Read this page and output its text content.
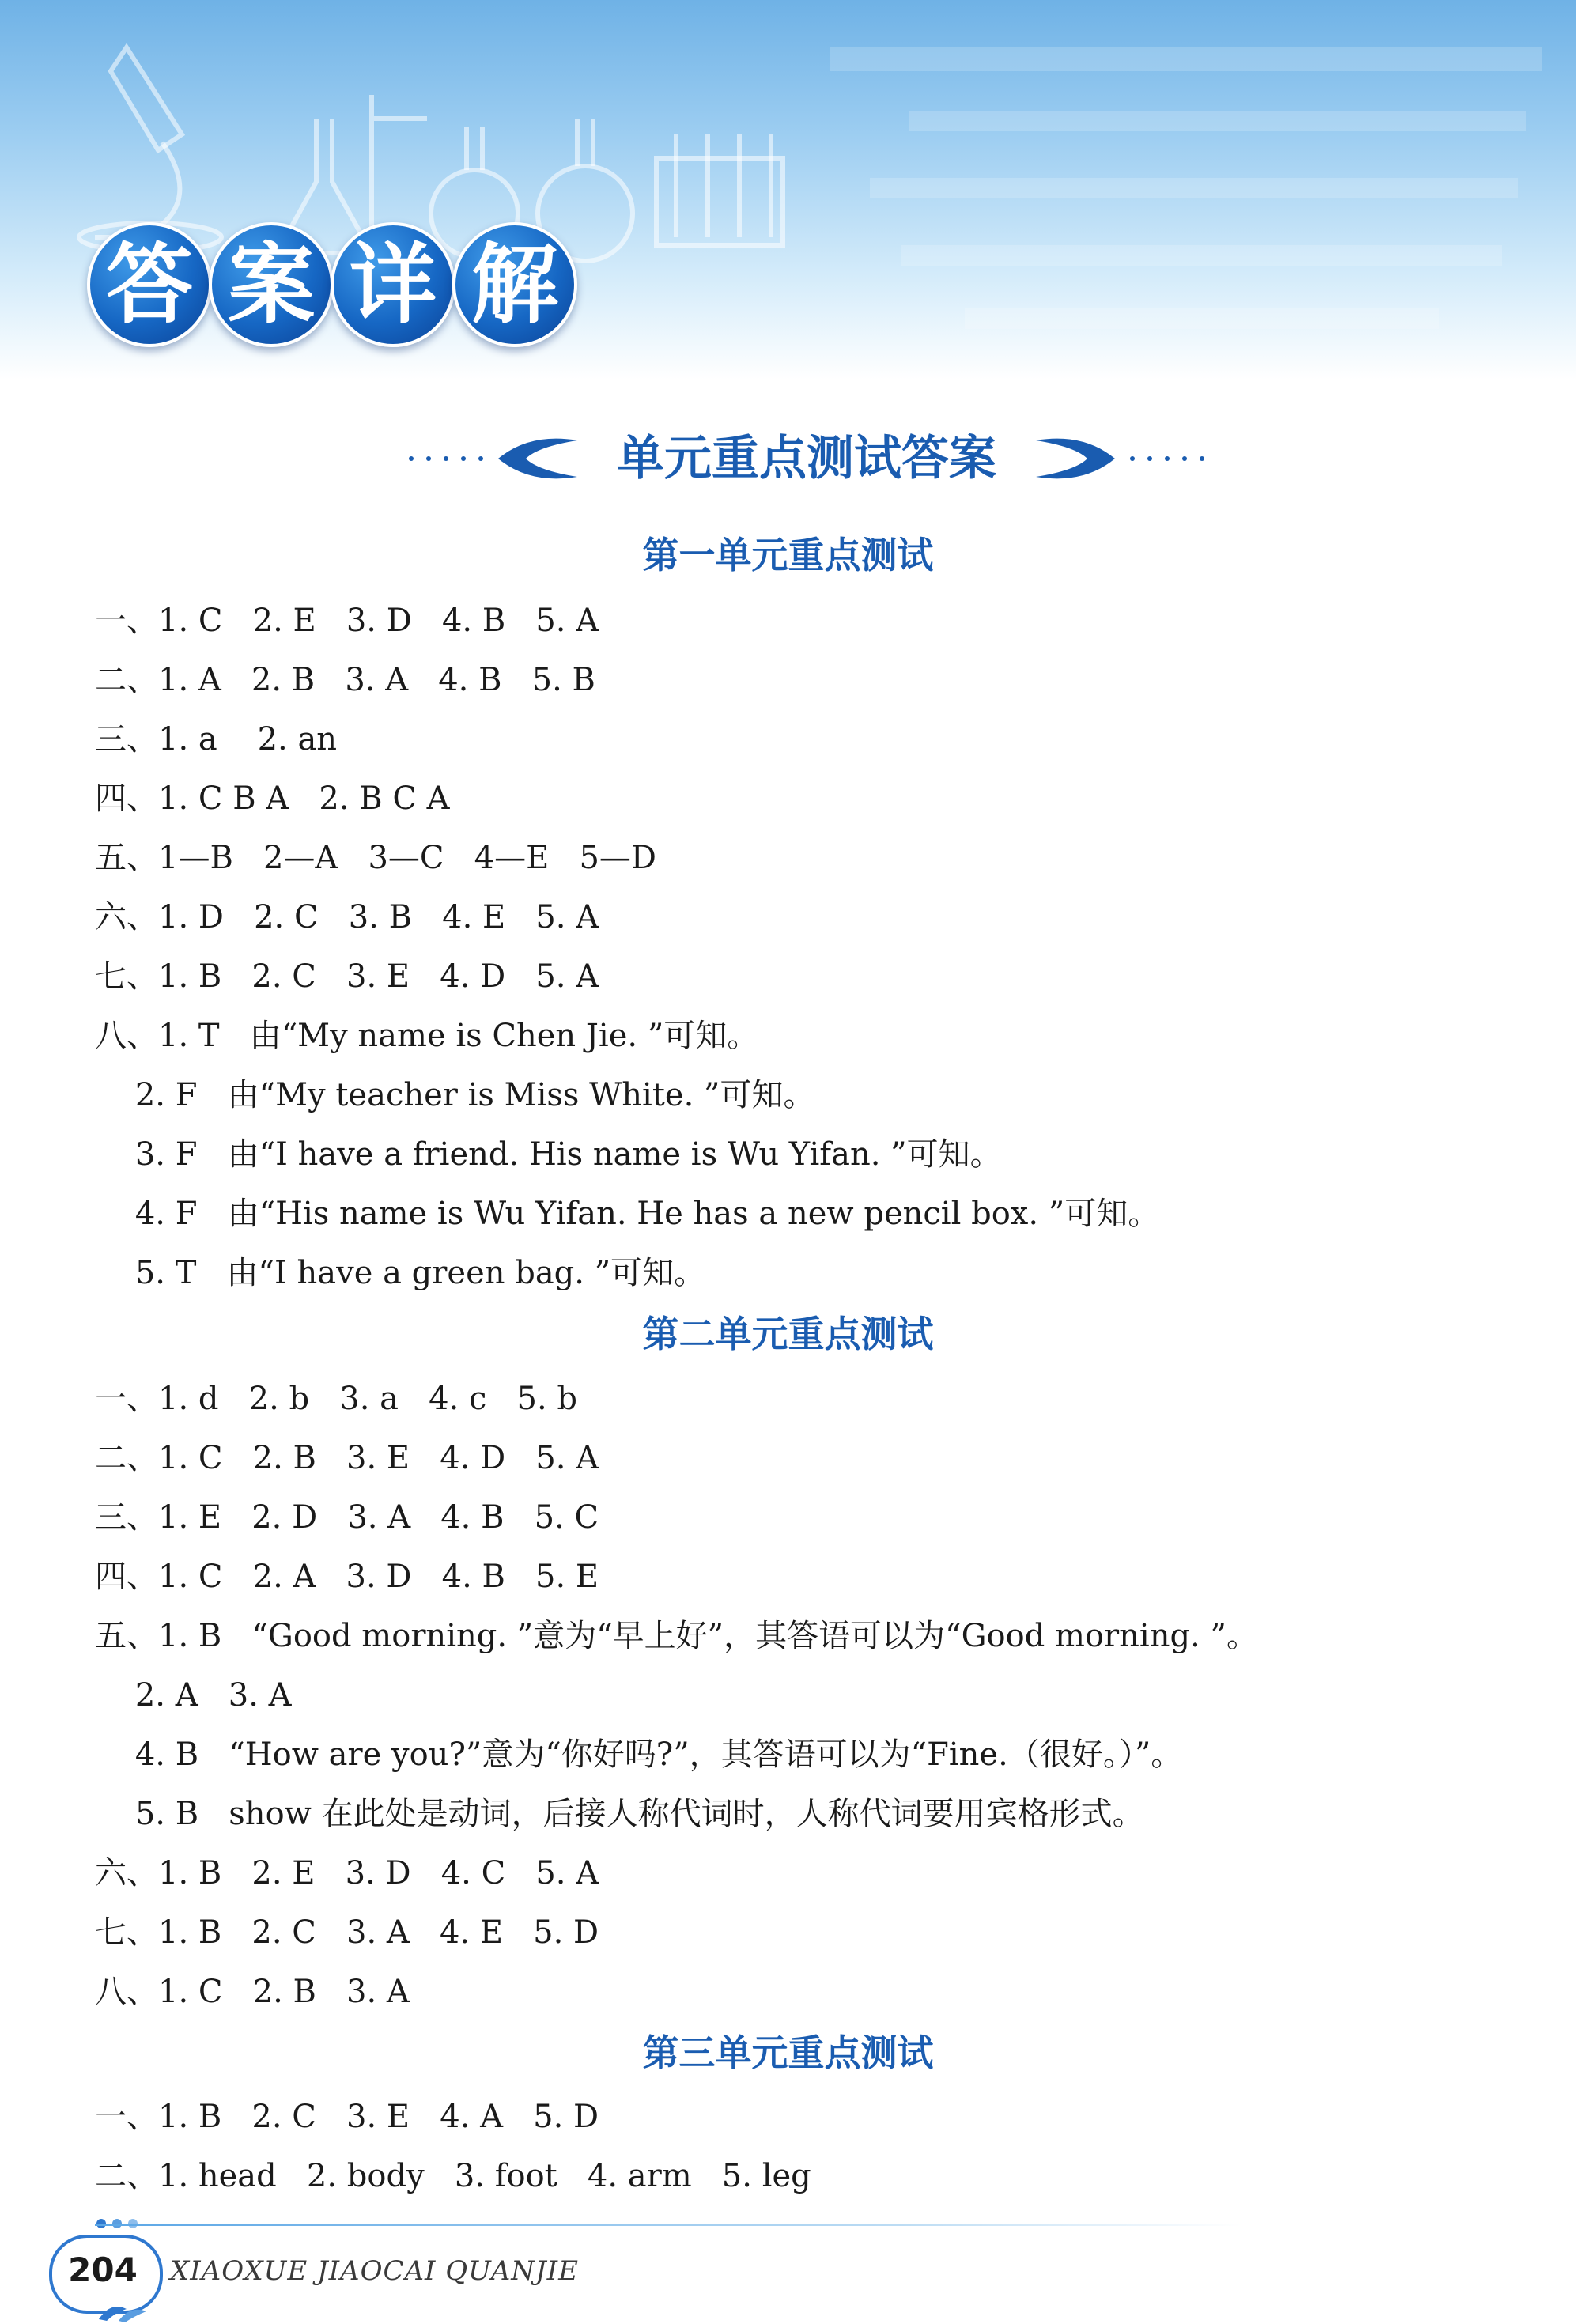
答 案 详 解
单元重点测试答案
第一单元重点测试
一、1. C   2. E   3. D   4. B   5. A
二、1. A   2. B   3. A   4. B   5. B
三、1. a    2. an
四、1. C B A   2. B C A
五、1—B   2—A   3—C   4—E   5—D
六、1. D   2. C   3. B   4. E   5. A
七、1. B   2. C   3. E   4. D   5. A
八、1. T   由“My name is Chen Jie. ”可知。
2. F   由“My teacher is Miss White. ”可知。
3. F   由“I have a friend. His name is Wu Yifan. ”可知。
4. F   由“His name is Wu Yifan. He has a new pencil box. ”可知。
5. T   由“I have a green bag. ”可知。
第二单元重点测试
一、1. d   2. b   3. a   4. c   5. b
二、1. C   2. B   3. E   4. D   5. A
三、1. E   2. D   3. A   4. B   5. C
四、1. C   2. A   3. D   4. B   5. E
五、1. B   “Good morning. ”意为“早上好”，其答语可以为“Good morning. ”。
2. A   3. A
4. B   “How are you?”意为“你好吗?”，其答语可以为“Fine.（很好。）”。
5. B   show 在此处是动词，后接人称代词时，人称代词要用宾格形式。
六、1. B   2. E   3. D   4. C   5. A
七、1. B   2. C   3. A   4. E   5. D
八、1. C   2. B   3. A
第三单元重点测试
一、1. B   2. C   3. E   4. A   5. D
二、1. head   2. body   3. foot   4. arm   5. leg
204	XIAOXUE JIAOCAI QUANJIE
